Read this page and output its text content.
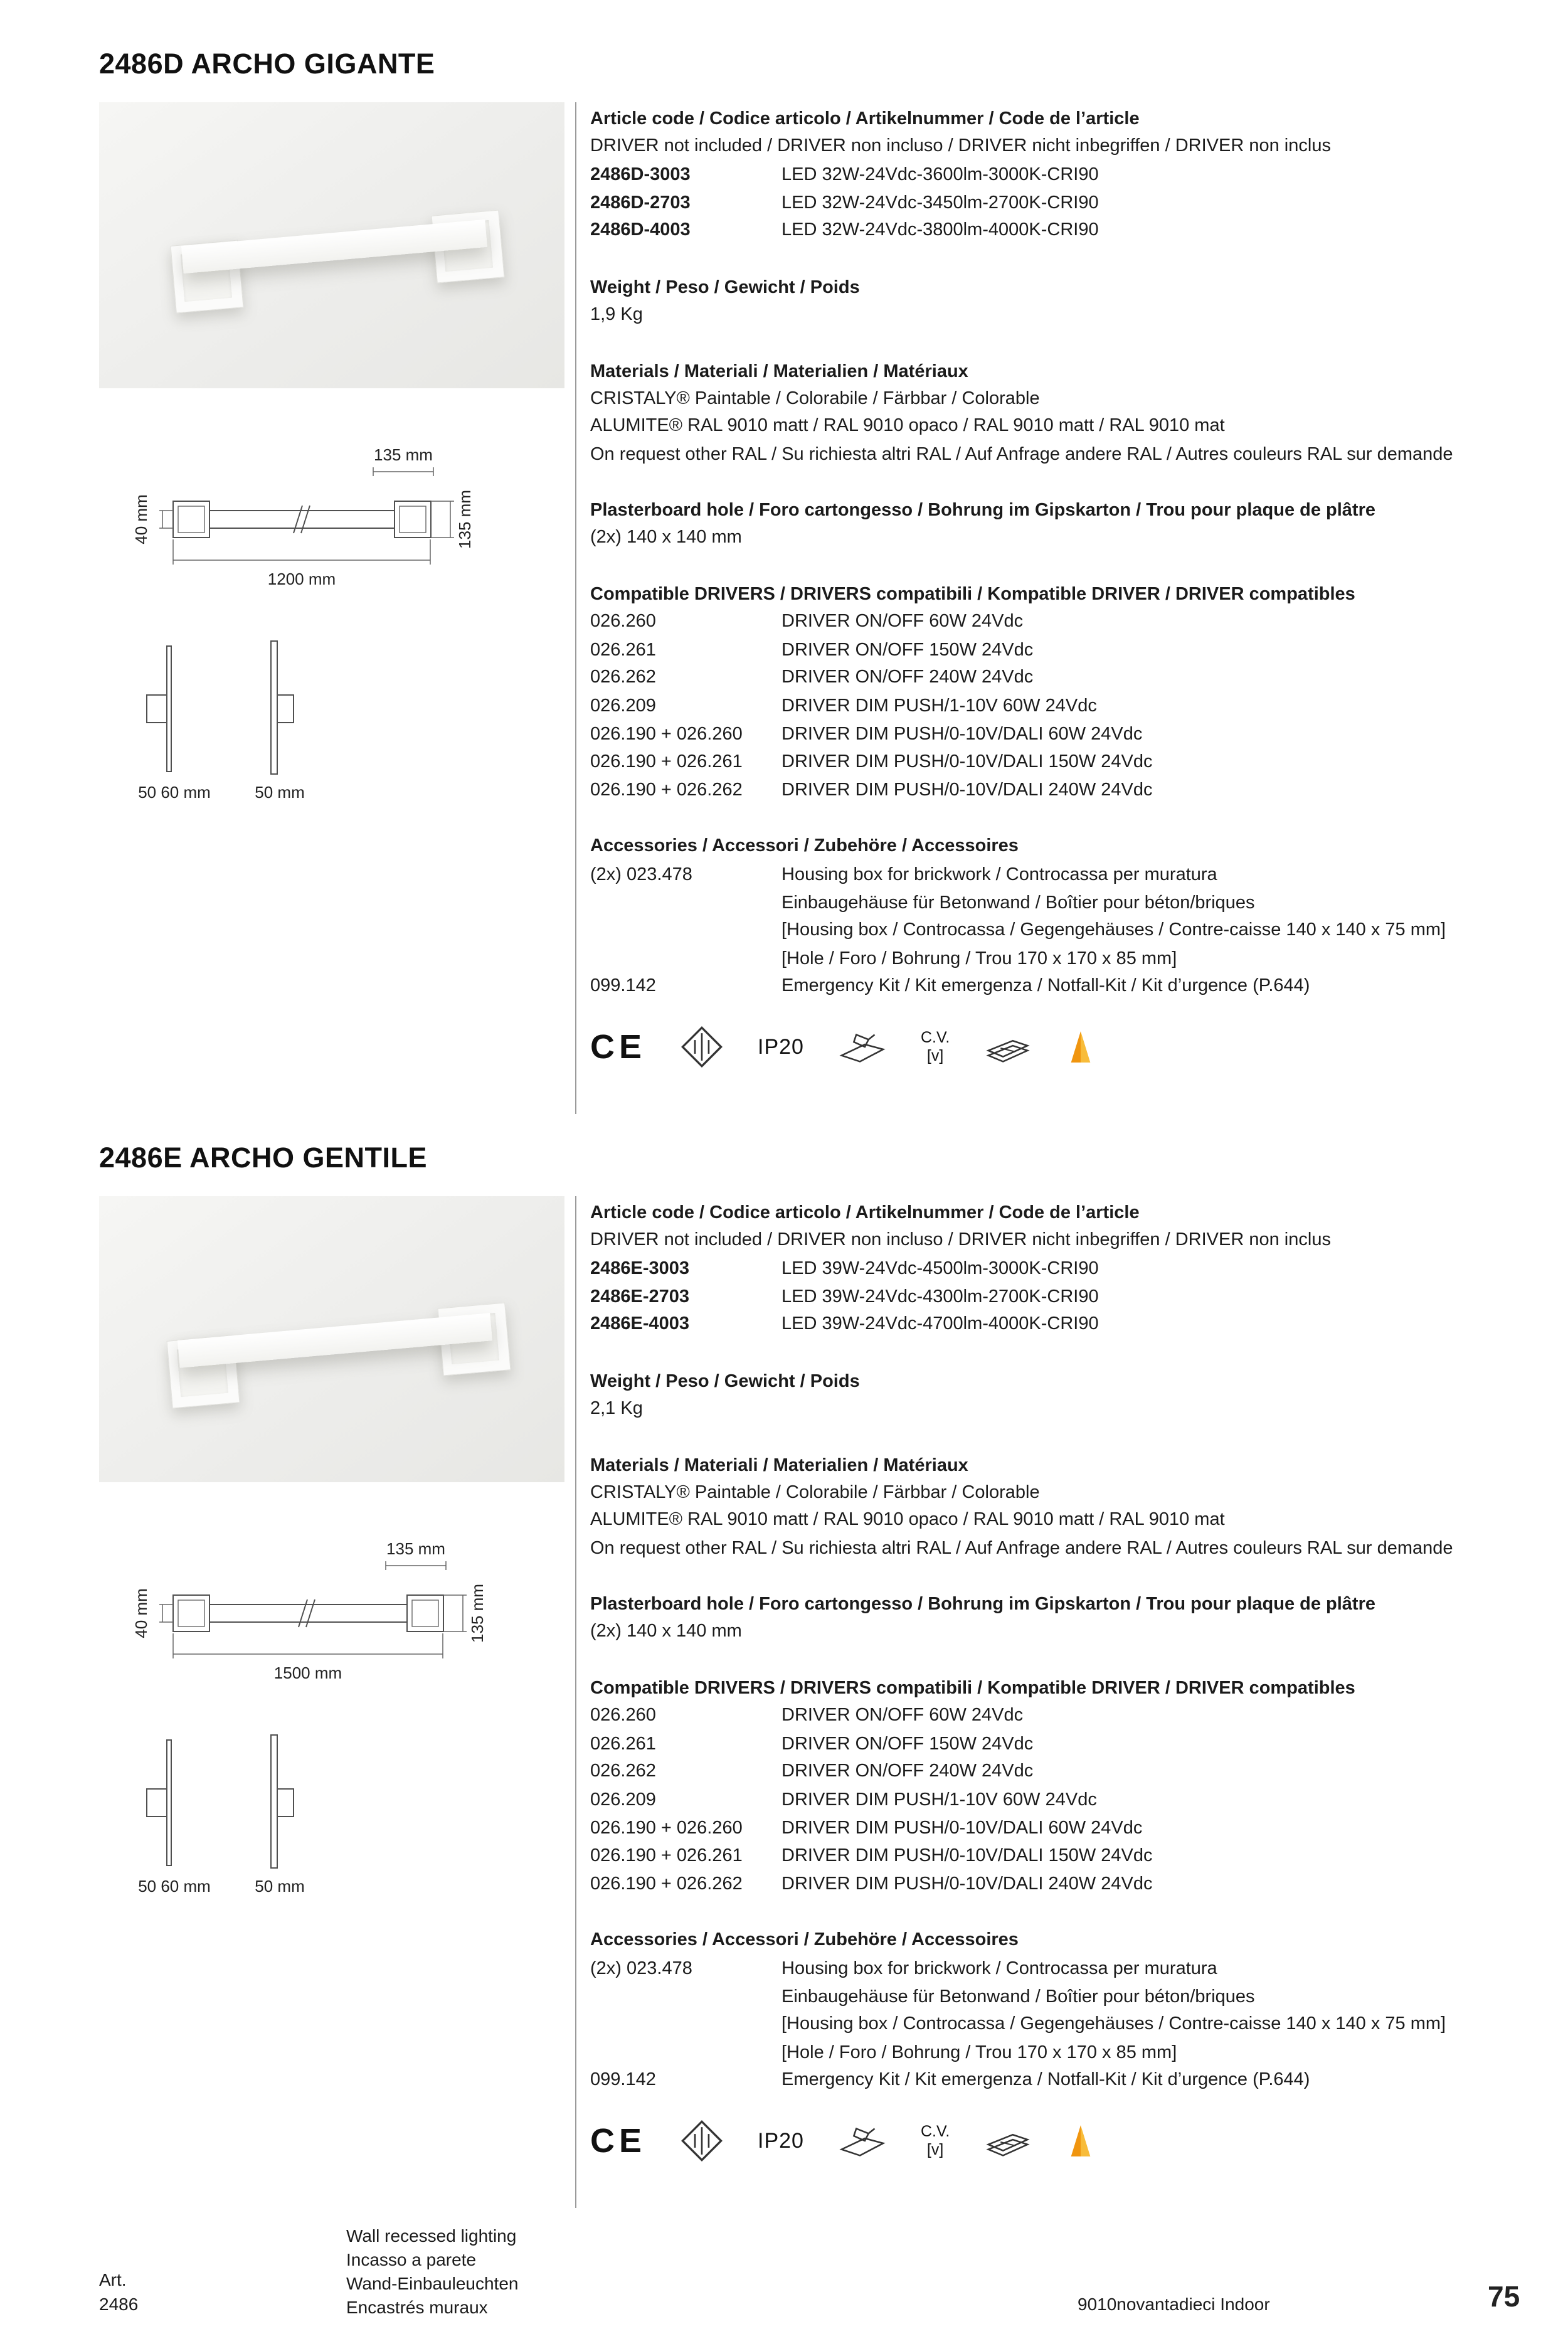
2486D ARCHO GIGANTE
135 mm
40 mm	135 mm
1200 mm
50 60 mm	50 mm
Article code / Codice articolo / Artikelnummer / Code de l’article
DRIVER not included / DRIVER non incluso / DRIVER nicht inbegriffen / DRIVER non inclus
2486D-3003	LED 32W-24Vdc-3600lm-3000K-CRI90
2486D-2703	LED 32W-24Vdc-3450lm-2700K-CRI90
2486D-4003	LED 32W-24Vdc-3800lm-4000K-CRI90
Weight / Peso / Gewicht / Poids
1,9 Kg
Materials / Materiali / Materialien / Matériaux
CRISTALY® Paintable / Colorabile / Färbbar / Colorable
ALUMITE® RAL 9010 matt / RAL 9010 opaco / RAL 9010 matt / RAL 9010 mat
On request other RAL / Su richiesta altri RAL / Auf Anfrage andere RAL / Autres couleurs RAL sur demande
Plasterboard hole / Foro cartongesso / Bohrung im Gipskarton / Trou pour plaque de plâtre
(2x) 140 x 140 mm
Compatible DRIVERS / DRIVERS compatibili / Kompatible DRIVER / DRIVER compatibles
026.260	DRIVER ON/OFF 60W 24Vdc
026.261	DRIVER ON/OFF 150W 24Vdc
026.262	DRIVER ON/OFF 240W 24Vdc
026.209	DRIVER DIM PUSH/1-10V 60W 24Vdc
026.190 + 026.260	DRIVER DIM PUSH/0-10V/DALI 60W 24Vdc
026.190 + 026.261	DRIVER DIM PUSH/0-10V/DALI 150W 24Vdc
026.190 + 026.262	DRIVER DIM PUSH/0-10V/DALI 240W 24Vdc
Accessories / Accessori / Zubehöre / Accessoires
(2x) 023.478	Housing box for brickwork / Controcassa per muratura
Einbaugehäuse für Betonwand / Boîtier pour béton/briques
[Housing box / Controcassa / Gegengehäuses / Contre-caisse 140 x 140 x 75 mm]
[Hole / Foro / Bohrung / Trou 170 x 170 x 85 mm]
099.142	Emergency Kit / Kit emergenza / Notfall-Kit / Kit d’urgence (P.644)
CE	IP20	C.V.
[v]
2486E ARCHO GENTILE
135 mm
40 mm	135 mm
1500 mm
50 60 mm	50 mm
Article code / Codice articolo / Artikelnummer / Code de l’article
DRIVER not included / DRIVER non incluso / DRIVER nicht inbegriffen / DRIVER non inclus
2486E-3003	LED 39W-24Vdc-4500lm-3000K-CRI90
2486E-2703	LED 39W-24Vdc-4300lm-2700K-CRI90
2486E-4003	LED 39W-24Vdc-4700lm-4000K-CRI90
Weight / Peso / Gewicht / Poids
2,1 Kg
Materials / Materiali / Materialien / Matériaux
CRISTALY® Paintable / Colorabile / Färbbar / Colorable
ALUMITE® RAL 9010 matt / RAL 9010 opaco / RAL 9010 matt / RAL 9010 mat
On request other RAL / Su richiesta altri RAL / Auf Anfrage andere RAL / Autres couleurs RAL sur demande
Plasterboard hole / Foro cartongesso / Bohrung im Gipskarton / Trou pour plaque de plâtre
(2x) 140 x 140 mm
Compatible DRIVERS / DRIVERS compatibili / Kompatible DRIVER / DRIVER compatibles
026.260	DRIVER ON/OFF 60W 24Vdc
026.261	DRIVER ON/OFF 150W 24Vdc
026.262	DRIVER ON/OFF 240W 24Vdc
026.209	DRIVER DIM PUSH/1-10V 60W 24Vdc
026.190 + 026.260	DRIVER DIM PUSH/0-10V/DALI 60W 24Vdc
026.190 + 026.261	DRIVER DIM PUSH/0-10V/DALI 150W 24Vdc
026.190 + 026.262	DRIVER DIM PUSH/0-10V/DALI 240W 24Vdc
Accessories / Accessori / Zubehöre / Accessoires
(2x) 023.478	Housing box for brickwork / Controcassa per muratura
Einbaugehäuse für Betonwand / Boîtier pour béton/briques
[Housing box / Controcassa / Gegengehäuses / Contre-caisse 140 x 140 x 75 mm]
[Hole / Foro / Bohrung / Trou 170 x 170 x 85 mm]
099.142	Emergency Kit / Kit emergenza / Notfall-Kit / Kit d’urgence (P.644)
CE	IP20	C.V.
[v]
Art.
2486
Wall recessed lighting
Incasso a parete
Wand-Einbauleuchten
Encastrés muraux	9010novantadieci Indoor	75
